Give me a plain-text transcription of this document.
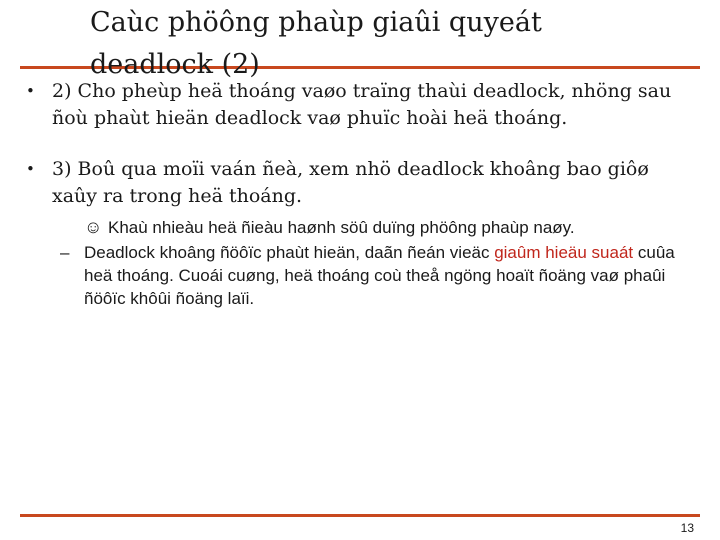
Caùc phöông phaùp giaûi quyeát deadlock (2)
• 2) Cho pheùp heä thoáng vaøo traïng thaùi deadlock, nhöng sau ñoù phaùt hieän deadlock vaø phuïc hoài heä thoáng.
• 3) Boû qua moïi vaán ñeà, xem nhö deadlock khoâng bao giôø xaûy ra trong heä thoáng.
☺ Khaù nhieàu heä ñieàu haønh söû duïng phöông phaùp naøy.
– Deadlock khoâng ñöôïc phaùt hieän, daãn ñeán vieäc giaûm hieäu suaát cuûa heä thoáng. Cuoái cuøng, heä thoáng coù theå ngöng hoaït ñoäng vaø phaûi ñöôïc khôûi ñoäng laïi.
13
